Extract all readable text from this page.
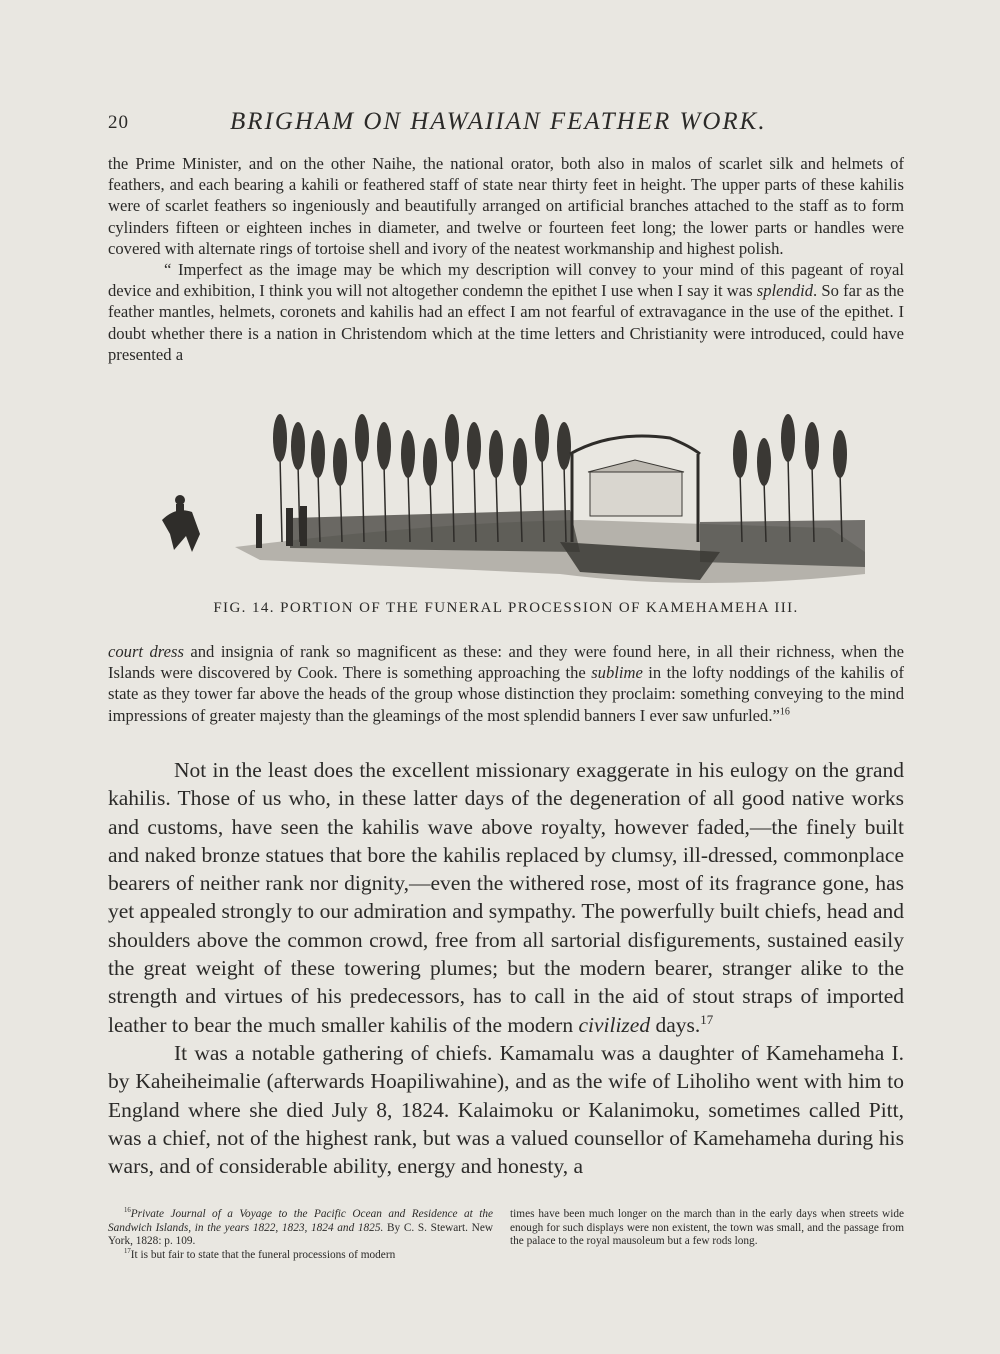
20	BRIGHAM ON HAWAIIAN FEATHER WORK.

the Prime Minister, and on the other Naihe, the national orator, both also in malos of scarlet silk and helmets of feathers, and each bearing a kahili or feathered staff of state near thirty feet in height. The upper parts of these kahilis were of scarlet feathers so ingeniously and beautifully arranged on artificial branches attached to the staff as to form cylinders fifteen or eighteen inches in diameter, and twelve or fourteen feet long; the lower parts or handles were covered with alternate rings of tortoise shell and ivory of the neatest workmanship and highest polish.

“ Imperfect as the image may be which my description will convey to your mind of this pageant of royal device and exhibition, I think you will not altogether condemn the epithet I use when I say it was splendid. So far as the feather mantles, helmets, coronets and kahilis had an effect I am not fearful of extravagance in the use of the epithet. I doubt whether there is a nation in Christendom which at the time letters and Christianity were introduced, could have presented a

FIG. 14. PORTION OF THE FUNERAL PROCESSION OF KAMEHAMEHA III.

court dress and insignia of rank so magnificent as these: and they were found here, in all their richness, when the Islands were discovered by Cook. There is something approaching the sublime in the lofty noddings of the kahilis of state as they tower far above the heads of the group whose distinction they proclaim: something conveying to the mind impressions of greater majesty than the gleamings of the most splendid banners I ever saw unfurled.”$^{16}$

Not in the least does the excellent missionary exaggerate in his eulogy on the grand kahilis. Those of us who, in these latter days of the degeneration of all good native works and customs, have seen the kahilis wave above royalty, however faded,—the finely built and naked bronze statues that bore the kahilis replaced by clumsy, ill-dressed, commonplace bearers of neither rank nor dignity,—even the withered rose, most of its fragrance gone, has yet appealed strongly to our admiration and sympathy. The powerfully built chiefs, head and shoulders above the common crowd, free from all sartorial disfigurements, sustained easily the great weight of these towering plumes; but the modern bearer, stranger alike to the strength and virtues of his predecessors, has to call in the aid of stout straps of imported leather to bear the much smaller kahilis of the modern civilized days.$^{17}$

It was a notable gathering of chiefs. Kamamalu was a daughter of Kamehameha I. by Kaheiheimalie (afterwards Hoapiliwahine), and as the wife of Liholiho went with him to England where she died July 8, 1824. Kalaimoku or Kalanimoku, sometimes called Pitt, was a chief, not of the highest rank, but was a valued counsellor of Kamehameha during his wars, and of considerable ability, energy and honesty, a

$^{16}$Private Journal of a Voyage to the Pacific Ocean and Residence at the Sandwich Islands, in the years 1822, 1823, 1824 and 1825. By C. S. Stewart. New York, 1828: p. 109.

$^{17}$It is but fair to state that the funeral processions of modern

times have been much longer on the march than in the early days when streets wide enough for such displays were non existent, the town was small, and the passage from the palace to the royal mausoleum but a few rods long.
